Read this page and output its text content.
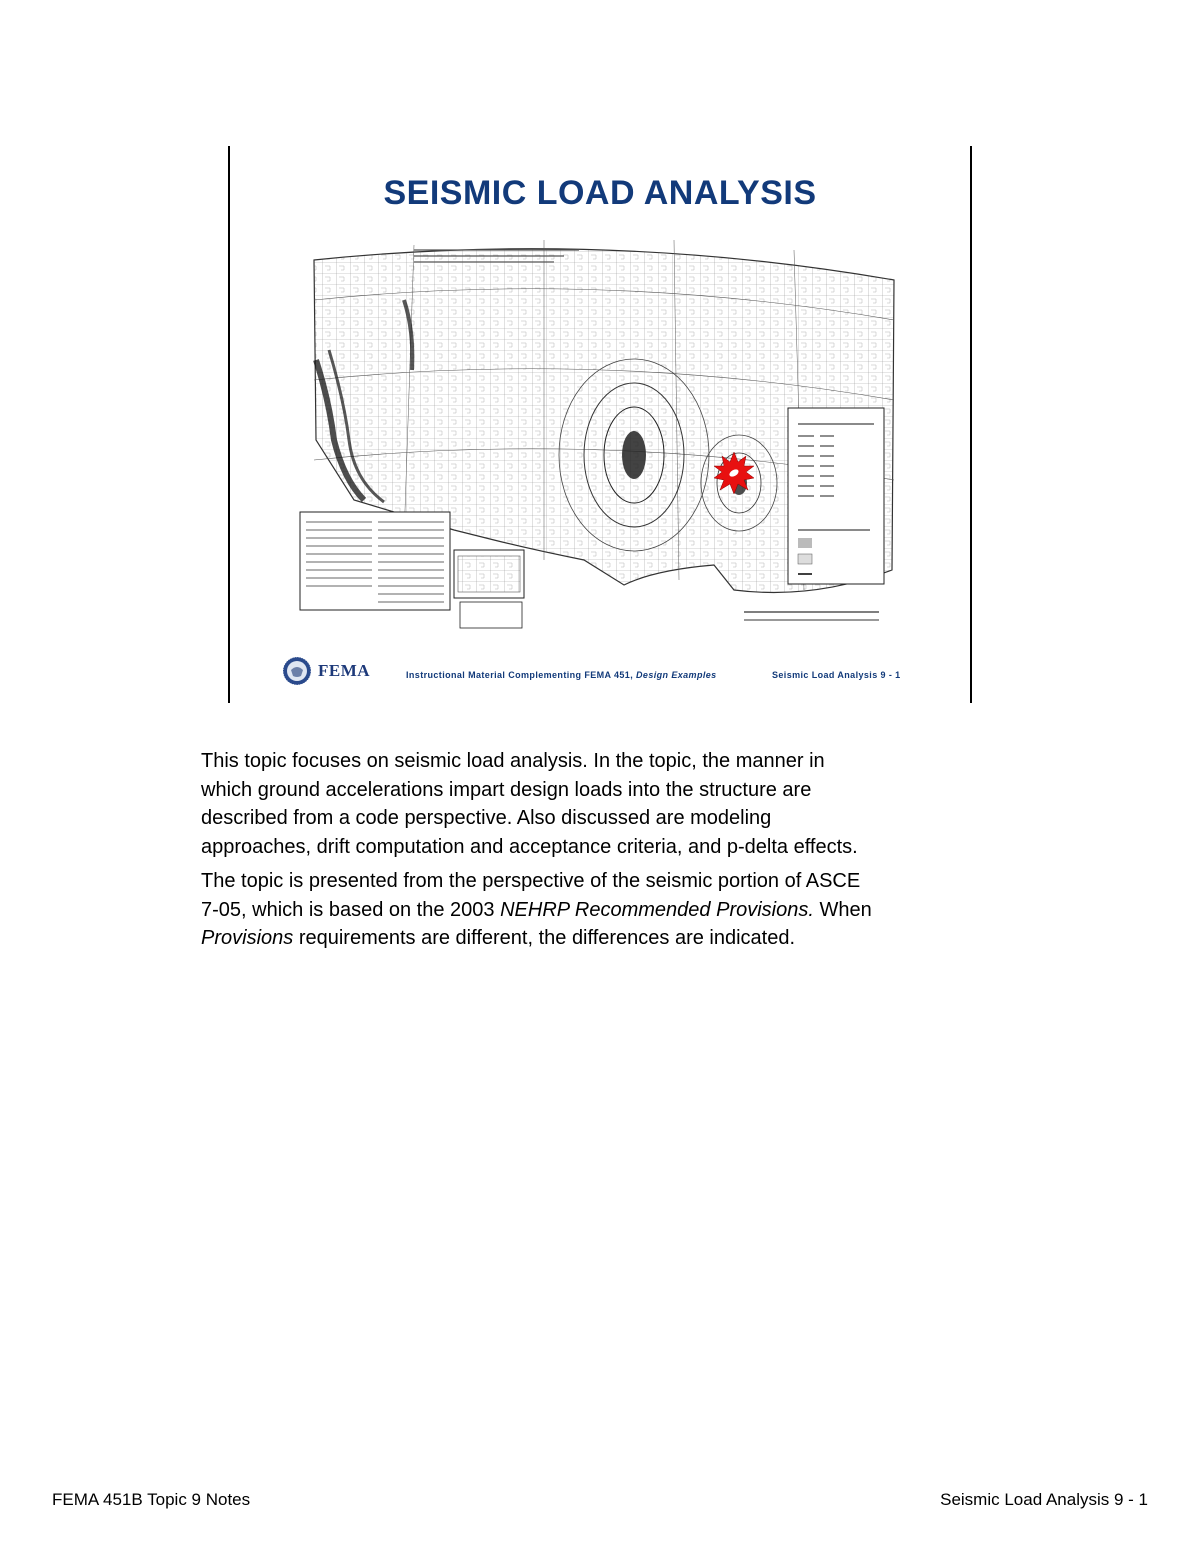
SEISMIC LOAD ANALYSIS
FEMA	Instructional Material Complementing FEMA 451, Design Examples	Seismic Load Analysis 9 - 1

This topic focuses on seismic load analysis. In the topic, the manner in
which ground accelerations impart design loads into the structure are
described from a code perspective. Also discussed are modeling
approaches, drift computation and acceptance criteria, and p-delta effects.

The topic is presented from the perspective of the seismic portion of ASCE
7-05, which is based on the 2003 NEHRP Recommended Provisions. When
Provisions requirements are different, the differences are indicated.

FEMA 451B Topic 9 Notes	Seismic Load Analysis 9 - 1
